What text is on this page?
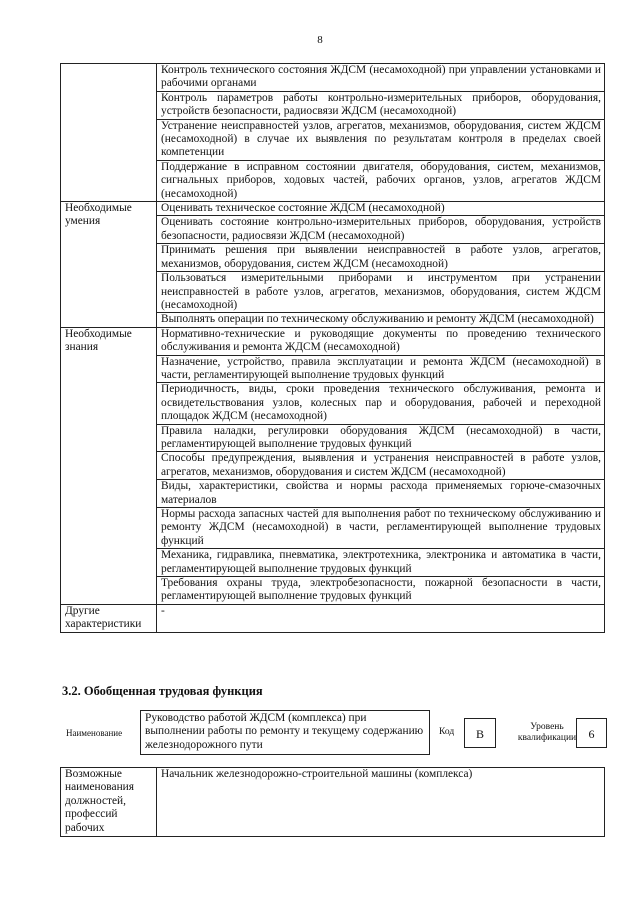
8
	Контроль технического состояния ЖДСМ (несамоходной) при управлении установками и рабочими органами
	Контроль параметров работы контрольно-измерительных приборов, оборудования, устройств безопасности, радиосвязи ЖДСМ (несамоходной)
	Устранение неисправностей узлов, агрегатов, механизмов, оборудования, систем ЖДСМ (несамоходной) в случае их выявления по результатам контроля в пределах своей компетенции
	Поддержание в исправном состоянии двигателя, оборудования, систем, механизмов, сигнальных приборов, ходовых частей, рабочих органов, узлов, агрегатов ЖДСМ (несамоходной)
Необходимые умения	Оценивать техническое состояние ЖДСМ (несамоходной)
	Оценивать состояние контрольно-измерительных приборов, оборудования, устройств безопасности, радиосвязи ЖДСМ (несамоходной)
	Принимать решения при выявлении неисправностей в работе узлов, агрегатов, механизмов, оборудования, систем ЖДСМ (несамоходной)
	Пользоваться измерительными приборами и инструментом при устранении неисправностей в работе узлов, агрегатов, механизмов, оборудования, систем ЖДСМ (несамоходной)
	Выполнять операции по техническому обслуживанию и ремонту ЖДСМ (несамоходной)
Необходимые знания	Нормативно-технические и руководящие документы по проведению технического обслуживания и ремонта ЖДСМ (несамоходной)
	Назначение, устройство, правила эксплуатации и ремонта ЖДСМ (несамоходной) в части, регламентирующей выполнение трудовых функций
	Периодичность, виды, сроки проведения технического обслуживания, ремонта и освидетельствования узлов, колесных пар и оборудования, рабочей и переходной площадок ЖДСМ (несамоходной)
	Правила наладки, регулировки оборудования ЖДСМ (несамоходной) в части, регламентирующей выполнение трудовых функций
	Способы предупреждения, выявления и устранения неисправностей в работе узлов, агрегатов, механизмов, оборудования и систем ЖДСМ (несамоходной)
	Виды, характеристики, свойства и нормы расхода применяемых горюче-смазочных материалов
	Нормы расхода запасных частей для выполнения работ по техническому обслуживанию и ремонту ЖДСМ (несамоходной) в части, регламентирующей выполнение трудовых функций
	Механика, гидравлика, пневматика, электротехника, электроника и автоматика в части, регламентирующей выполнение трудовых функций
	Требования охраны труда, электробезопасности, пожарной безопасности в части, регламентирующей выполнение трудовых функций
Другие характеристики	-
3.2. Обобщенная трудовая функция
Наименование
Руководство работой ЖДСМ (комплекса) при выполнении работы по ремонту и текущему содержанию железнодорожного пути
Код	В	Уровень квалификации	6
Возможные наименования должностей, профессий рабочих	Начальник железнодорожно-строительной машины (комплекса)
